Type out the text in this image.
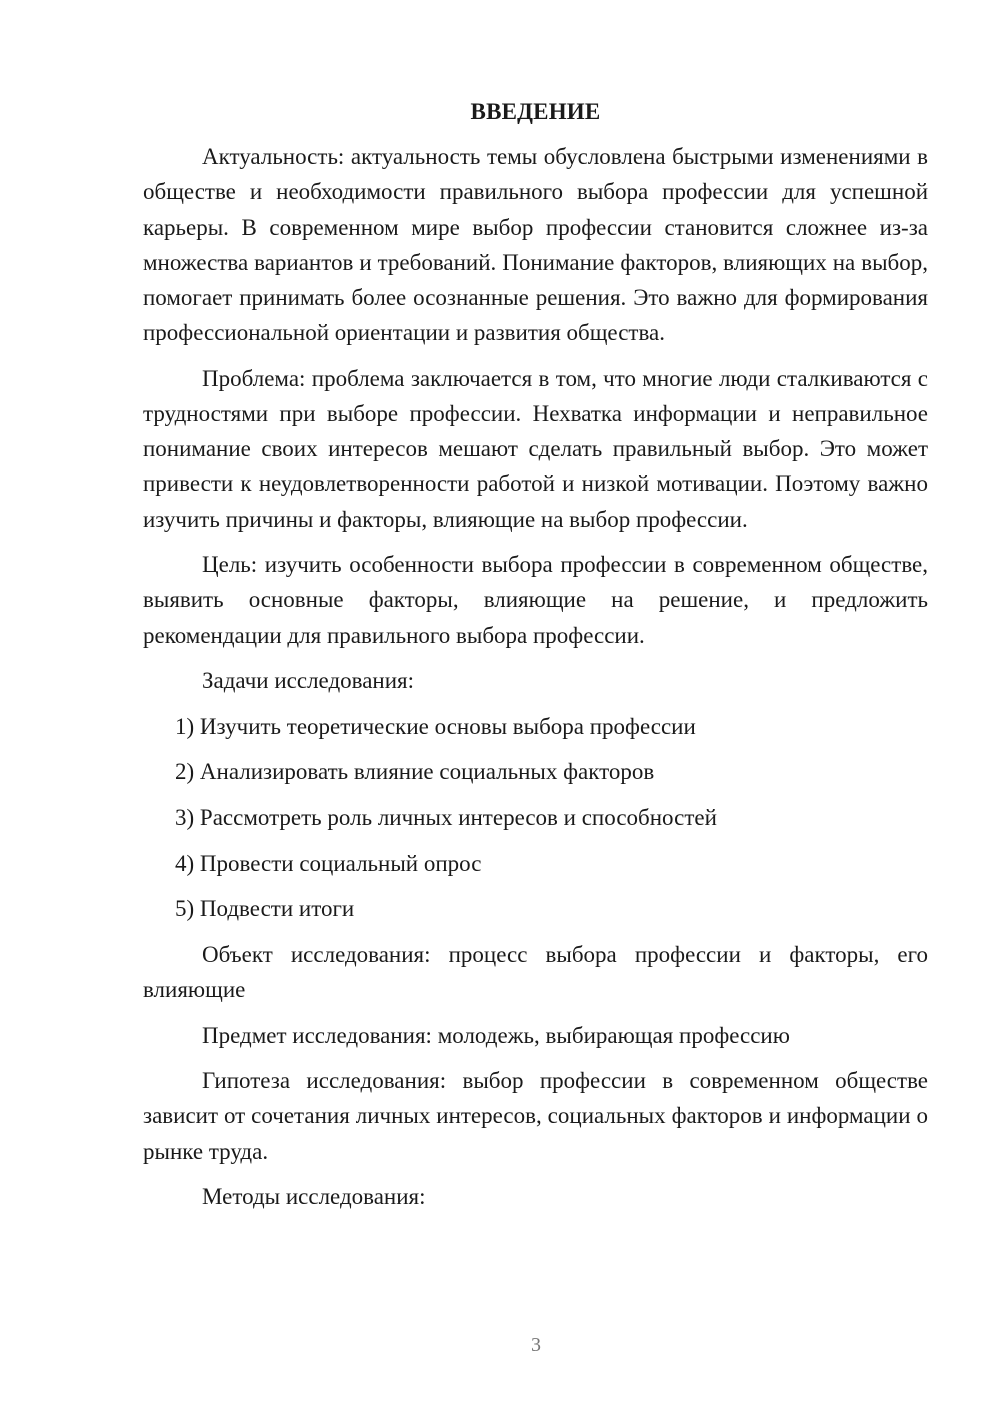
ВВЕДЕНИЕ

Актуальность: актуальность темы обусловлена быстрыми изменениями в обществе и необходимости правильного выбора профессии для успешной карьеры. В современном мире выбор профессии становится сложнее из-за множества вариантов и требований. Понимание факторов, влияющих на выбор, помогает принимать более осознанные решения. Это важно для формирования профессиональной ориентации и развития общества.

Проблема: проблема заключается в том, что многие люди сталкиваются с трудностями при выборе профессии. Нехватка информации и неправильное понимание своих интересов мешают сделать правильный выбор. Это может привести к неудовлетворенности работой и низкой мотивации. Поэтому важно изучить причины и факторы, влияющие на выбор профессии.

Цель: изучить особенности выбора профессии в современном обществе, выявить основные факторы, влияющие на решение, и предложить рекомендации для правильного выбора профессии.

Задачи исследования:

1) Изучить теоретические основы выбора профессии
2) Анализировать влияние социальных факторов
3) Рассмотреть роль личных интересов и способностей
4) Провести социальный опрос
5) Подвести итоги

Объект исследования: процесс выбора профессии и факторы, его влияющие

Предмет исследования: молодежь, выбирающая профессию

Гипотеза исследования: выбор профессии в современном обществе зависит от сочетания личных интересов, социальных факторов и информации о рынке труда.

Методы исследования:

3
